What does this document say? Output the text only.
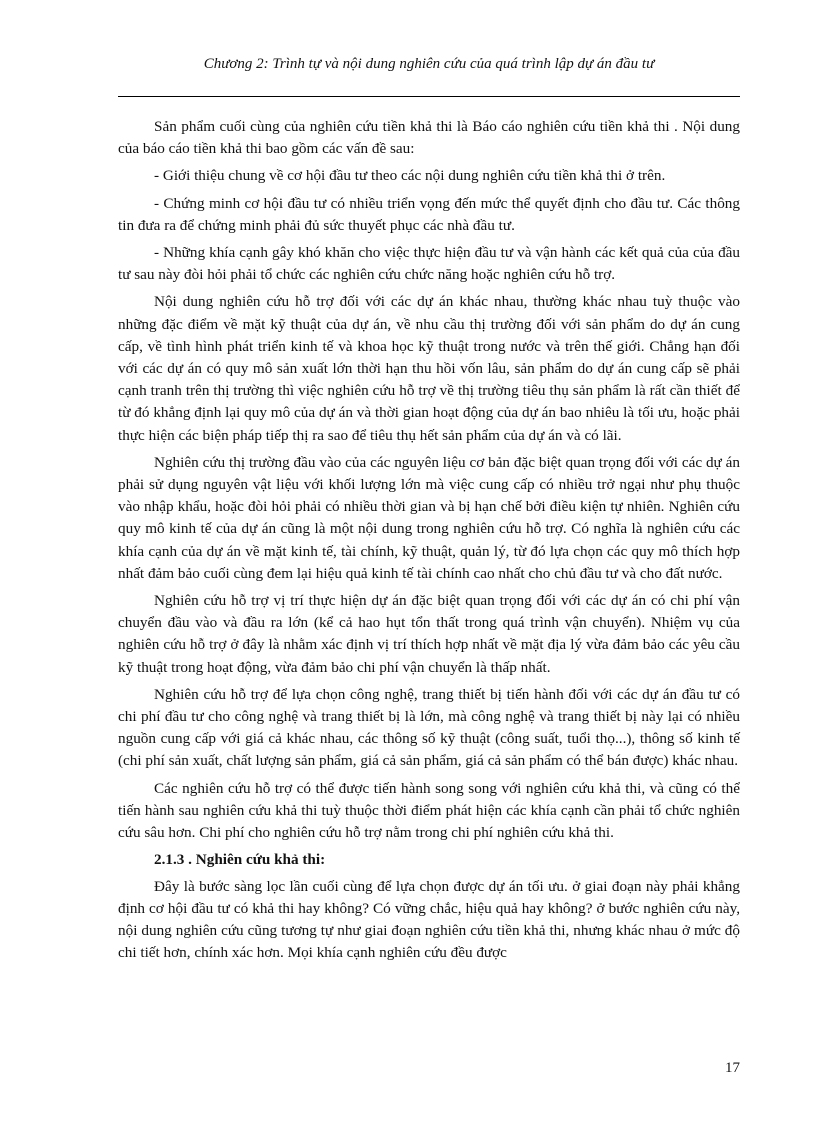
Chương 2: Trình tự và nội dung nghiên cứu của quá trình lập dự án đầu tư

Sản phẩm cuối cùng của nghiên cứu tiền khả thi là Báo cáo nghiên cứu tiền khả thi . Nội dung của báo cáo tiền khả thi bao gồm các vấn đề sau:

- Giới thiệu chung về cơ hội đầu tư theo các nội dung nghiên cứu tiền khả thi ở trên.

- Chứng minh cơ hội đầu tư có nhiều triển vọng đến mức thể quyết định cho đầu tư. Các thông tin đưa ra để chứng minh phải đủ sức thuyết phục các nhà đầu tư.

- Những khía cạnh gây khó khăn cho việc thực hiện đầu tư và vận hành các kết quả của của đầu tư sau này đòi hỏi phải tổ chức các nghiên cứu chức năng hoặc nghiên cứu hỗ trợ.

Nội dung nghiên cứu hỗ trợ đối với các dự án khác nhau, thường khác nhau tuỳ thuộc vào những đặc điểm về mặt kỹ thuật của dự án, về nhu cầu thị trường đối với sản phẩm do dự án cung cấp, về tình hình phát triển kinh tế và khoa học kỹ thuật trong nước và trên thế giới. Chẳng hạn đối với các dự án có quy mô sản xuất lớn thời hạn thu hồi vốn lâu, sản phẩm do dự án cung cấp sẽ phải cạnh tranh trên thị trường thì việc nghiên cứu hỗ trợ về thị trường tiêu thụ sản phẩm là rất cần thiết để từ đó khẳng định lại quy mô của dự án và thời gian hoạt động của dự án bao nhiêu là tối ưu, hoặc phải thực hiện các biện pháp tiếp thị ra sao để tiêu thụ hết sản phẩm của dự án và có lãi.

Nghiên cứu thị trường đầu vào của các nguyên liệu cơ bản đặc biệt quan trọng đối với các dự án phải sử dụng nguyên vật liệu với khối lượng lớn mà việc cung cấp có nhiều trở ngại như phụ thuộc vào nhập khẩu, hoặc đòi hỏi phải có nhiều thời gian và bị hạn chế bởi điều kiện tự nhiên. Nghiên cứu quy mô kinh tế của dự án cũng là một nội dung trong nghiên cứu hỗ trợ. Có nghĩa là nghiên cứu các khía cạnh của dự án về mặt kinh tế, tài chính, kỹ thuật, quản lý, từ đó lựa chọn các quy mô thích hợp nhất đảm bảo cuối cùng đem lại hiệu quả kinh tế tài chính cao nhất cho chủ đầu tư và cho đất nước.

Nghiên cứu hỗ trợ vị trí thực hiện dự án đặc biệt quan trọng đối với các dự án có chi phí vận chuyển đầu vào và đầu ra lớn (kể cả hao hụt tổn thất trong quá trình vận chuyển). Nhiệm vụ của nghiên cứu hỗ trợ ở đây là nhằm xác định vị trí thích hợp nhất về mặt địa lý vừa đảm bảo các yêu cầu kỹ thuật trong hoạt động, vừa đảm bảo chi phí vận chuyển là thấp nhất.

Nghiên cứu hỗ trợ để lựa chọn công nghệ, trang thiết bị tiến hành đối với các dự án đầu tư có chi phí đầu tư cho công nghệ và trang thiết bị là lớn, mà công nghệ và trang thiết bị này lại có nhiều nguồn cung cấp với giá cả khác nhau, các thông số kỹ thuật (công suất, tuổi thọ...), thông số kinh tế (chi phí sản xuất, chất lượng sản phẩm, giá cả sản phẩm, giá cả sản phẩm có thể bán được) khác nhau.

Các nghiên cứu hỗ trợ có thể được tiến hành song song với nghiên cứu khả thi, và cũng có thể tiến hành sau nghiên cứu khả thi tuỳ thuộc thời điểm phát hiện các khía cạnh cần phải tổ chức nghiên cứu sâu hơn. Chi phí cho nghiên cứu hỗ trợ nằm trong chi phí nghiên cứu khả thi.

2.1.3 . Nghiên cứu khả thi:

Đây là bước sàng lọc lần cuối cùng để lựa chọn được dự án tối ưu. ở giai đoạn này phải khẳng định cơ hội đầu tư có khả thi hay không? Có vững chắc, hiệu quả hay không? ở bước nghiên cứu này, nội dung nghiên cứu cũng tương tự như giai đoạn nghiên cứu tiền khả thi, nhưng khác nhau ở mức độ chi tiết hơn, chính xác hơn. Mọi khía cạnh nghiên cứu đều được

17
